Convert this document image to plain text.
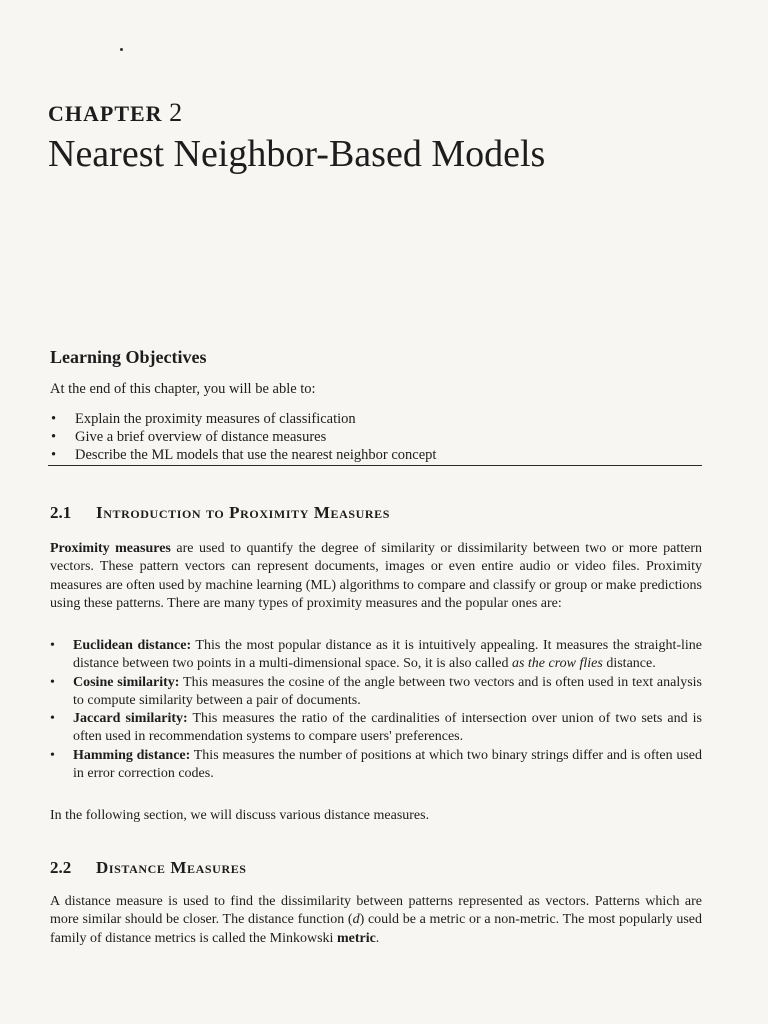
CHAPTER 2
Nearest Neighbor-Based Models
Learning Objectives
At the end of this chapter, you will be able to:
• Explain the proximity measures of classification
• Give a brief overview of distance measures
• Describe the ML models that use the nearest neighbor concept
2.1 Introduction to Proximity Measures

Proximity measures are used to quantify the degree of similarity or dissimilarity between two or more pattern vectors. These pattern vectors can represent documents, images or even entire audio or video files. Proximity measures are often used by machine learning (ML) algorithms to compare and classify or group or make predictions using these patterns. There are many types of proximity measures and the popular ones are:

• Euclidean distance: This the most popular distance as it is intuitively appealing. It measures the straight-line distance between two points in a multi-dimensional space. So, it is also called as the crow flies distance.
• Cosine similarity: This measures the cosine of the angle between two vectors and is often used in text analysis to compute similarity between a pair of documents.
• Jaccard similarity: This measures the ratio of the cardinalities of intersection over union of two sets and is often used in recommendation systems to compare users' preferences.
• Hamming distance: This measures the number of positions at which two binary strings differ and is often used in error correction codes.

In the following section, we will discuss various distance measures.

2.2 Distance Measures

A distance measure is used to find the dissimilarity between patterns represented as vectors. Patterns which are more similar should be closer. The distance function (d) could be a metric or a non-metric. The most popularly used family of distance metrics is called the Minkowski metric.
